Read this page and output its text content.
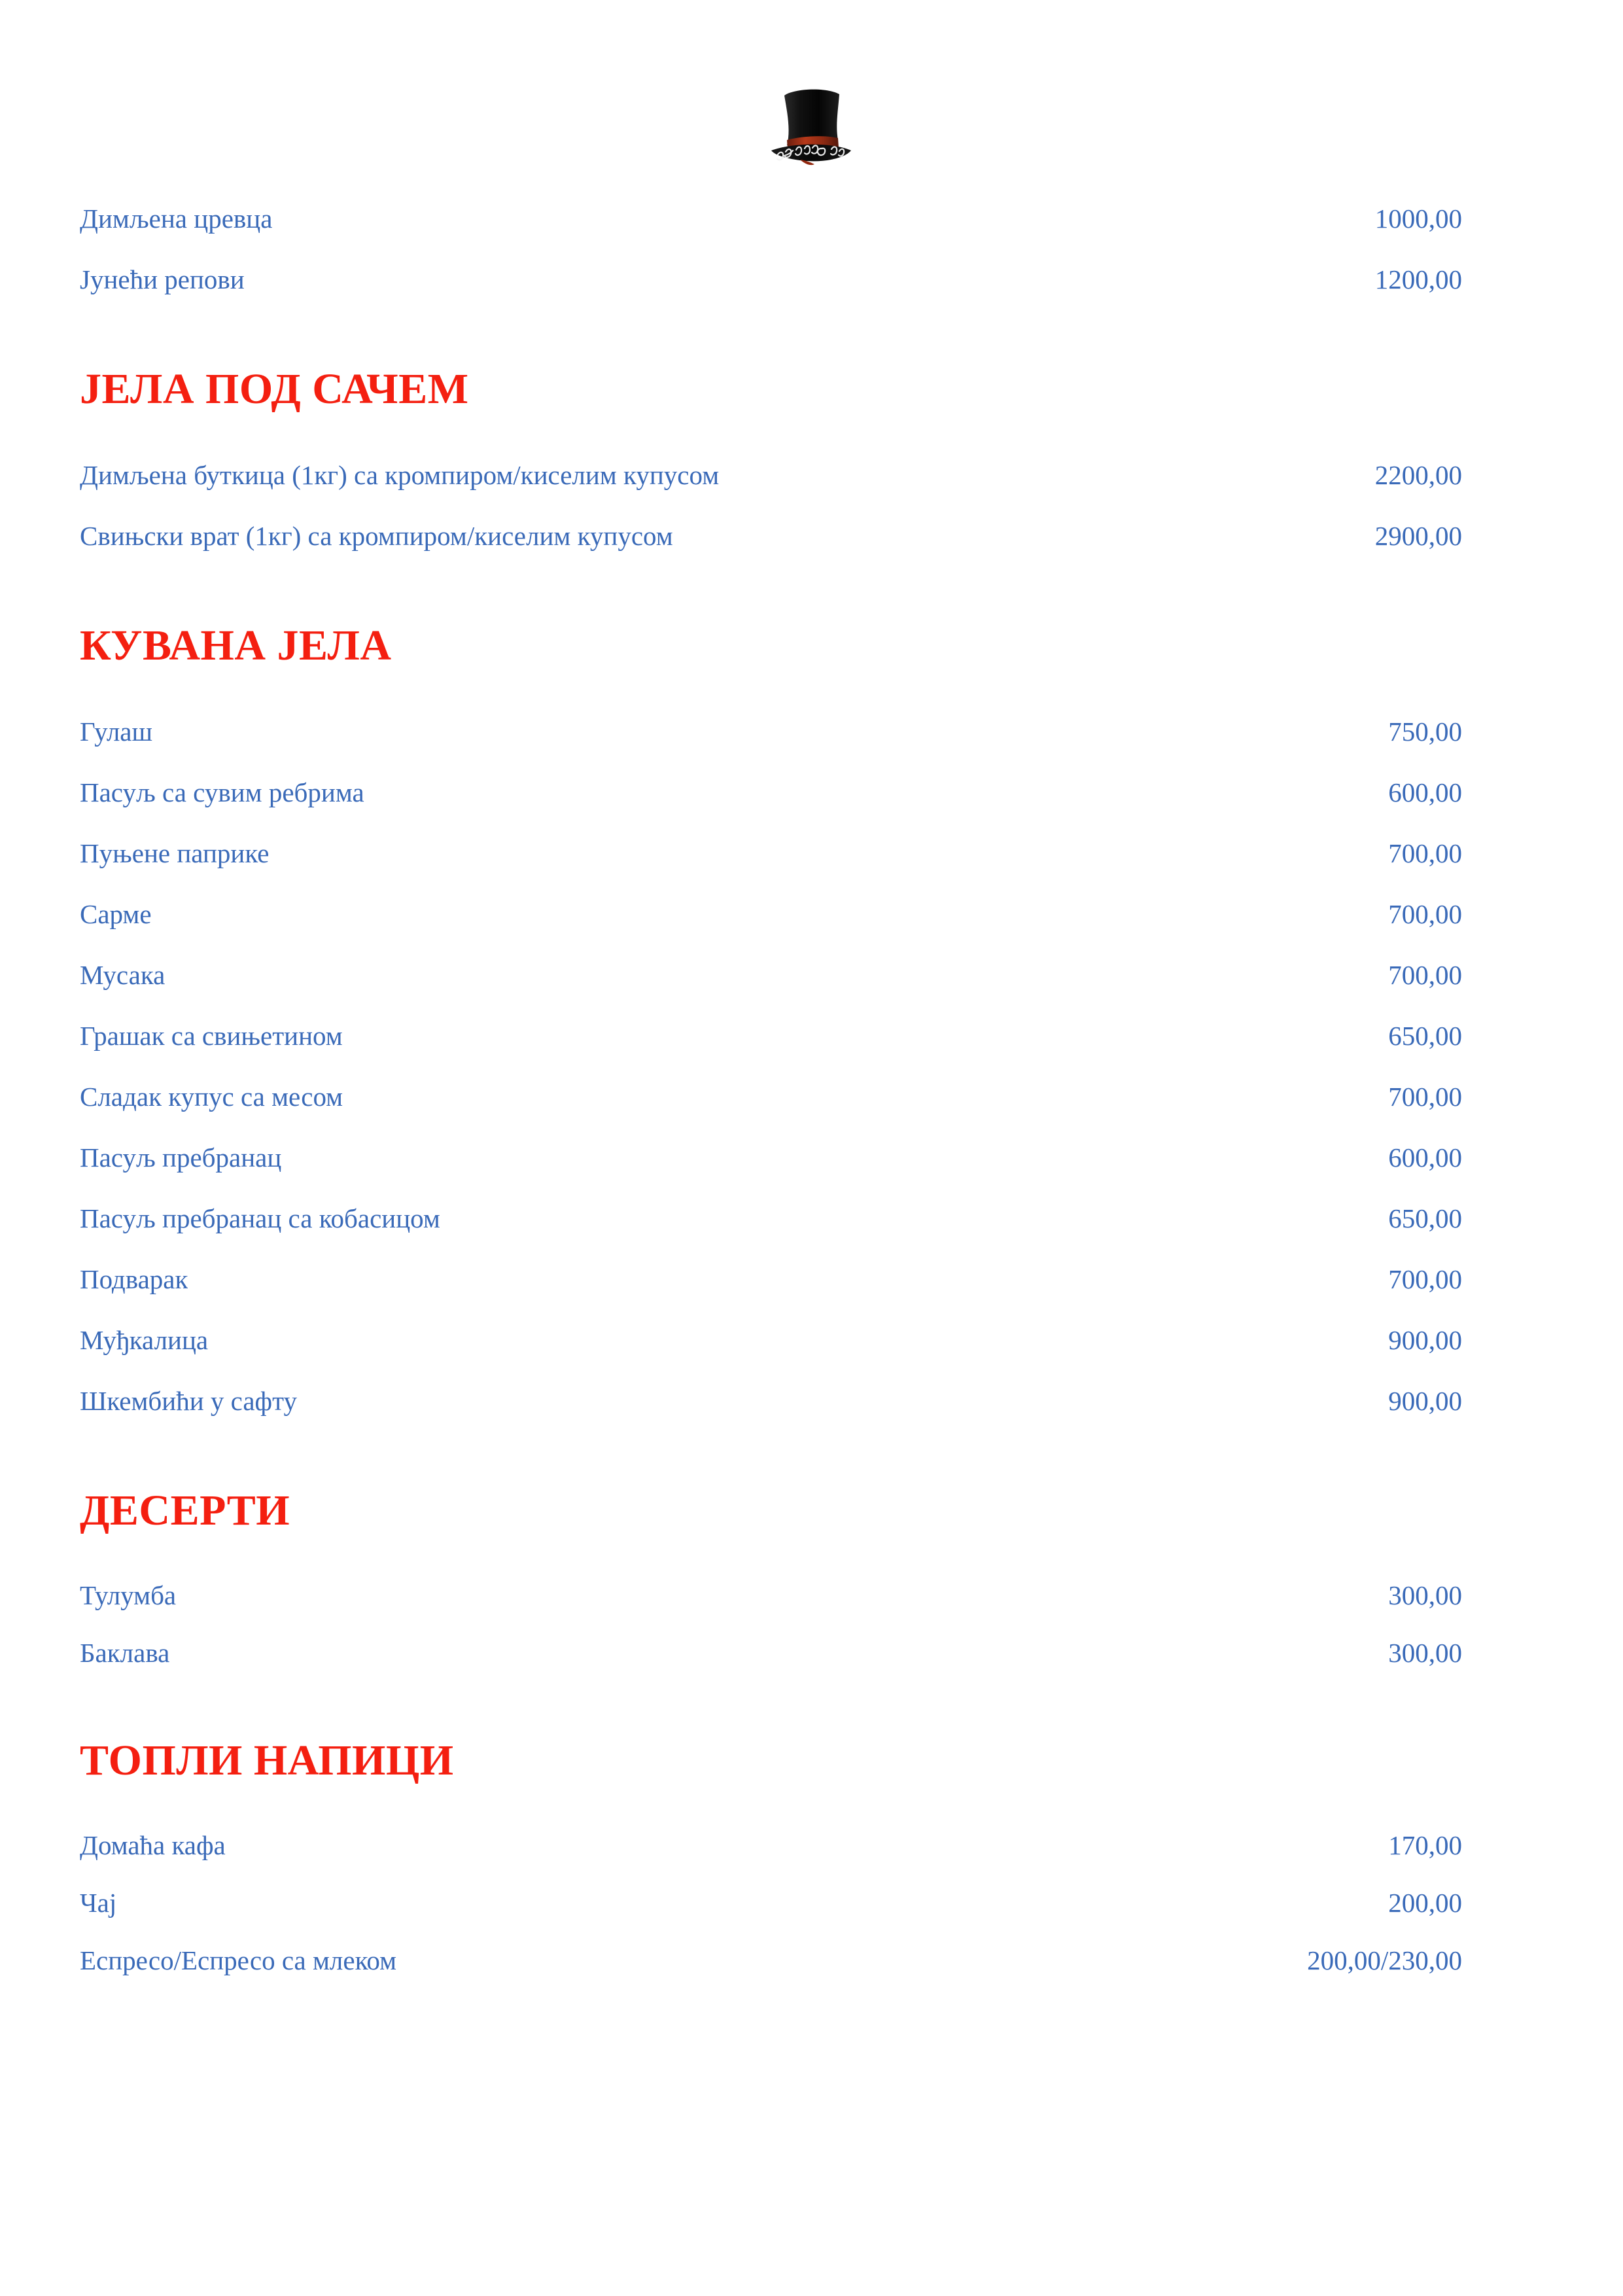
Димљена цревца	1000,00
Јунећи репови	1200,00
ЈЕЛА ПОД САЧЕМ
Димљена буткица (1кг) са кромпиром/киселим купусом	2200,00
Свињски врат (1кг) са кромпиром/киселим купусом	2900,00
КУВАНА ЈЕЛА
Гулаш	750,00
Пасуљ са сувим ребрима	600,00
Пуњене паприке	700,00
Сарме	700,00
Мусака	700,00
Грашак са свињетином	650,00
Сладак купус са месом	700,00
Пасуљ пребранац	600,00
Пасуљ пребранац са кобасицом	650,00
Подварак	700,00
Муђкалица	900,00
Шкембићи у сафту	900,00
ДЕСЕРТИ
Тулумба	300,00
Баклава	300,00
ТОПЛИ НАПИЦИ
Домаћа кафа	170,00
Чај	200,00
Еспресо/Еспресо са млеком	200,00/230,00
